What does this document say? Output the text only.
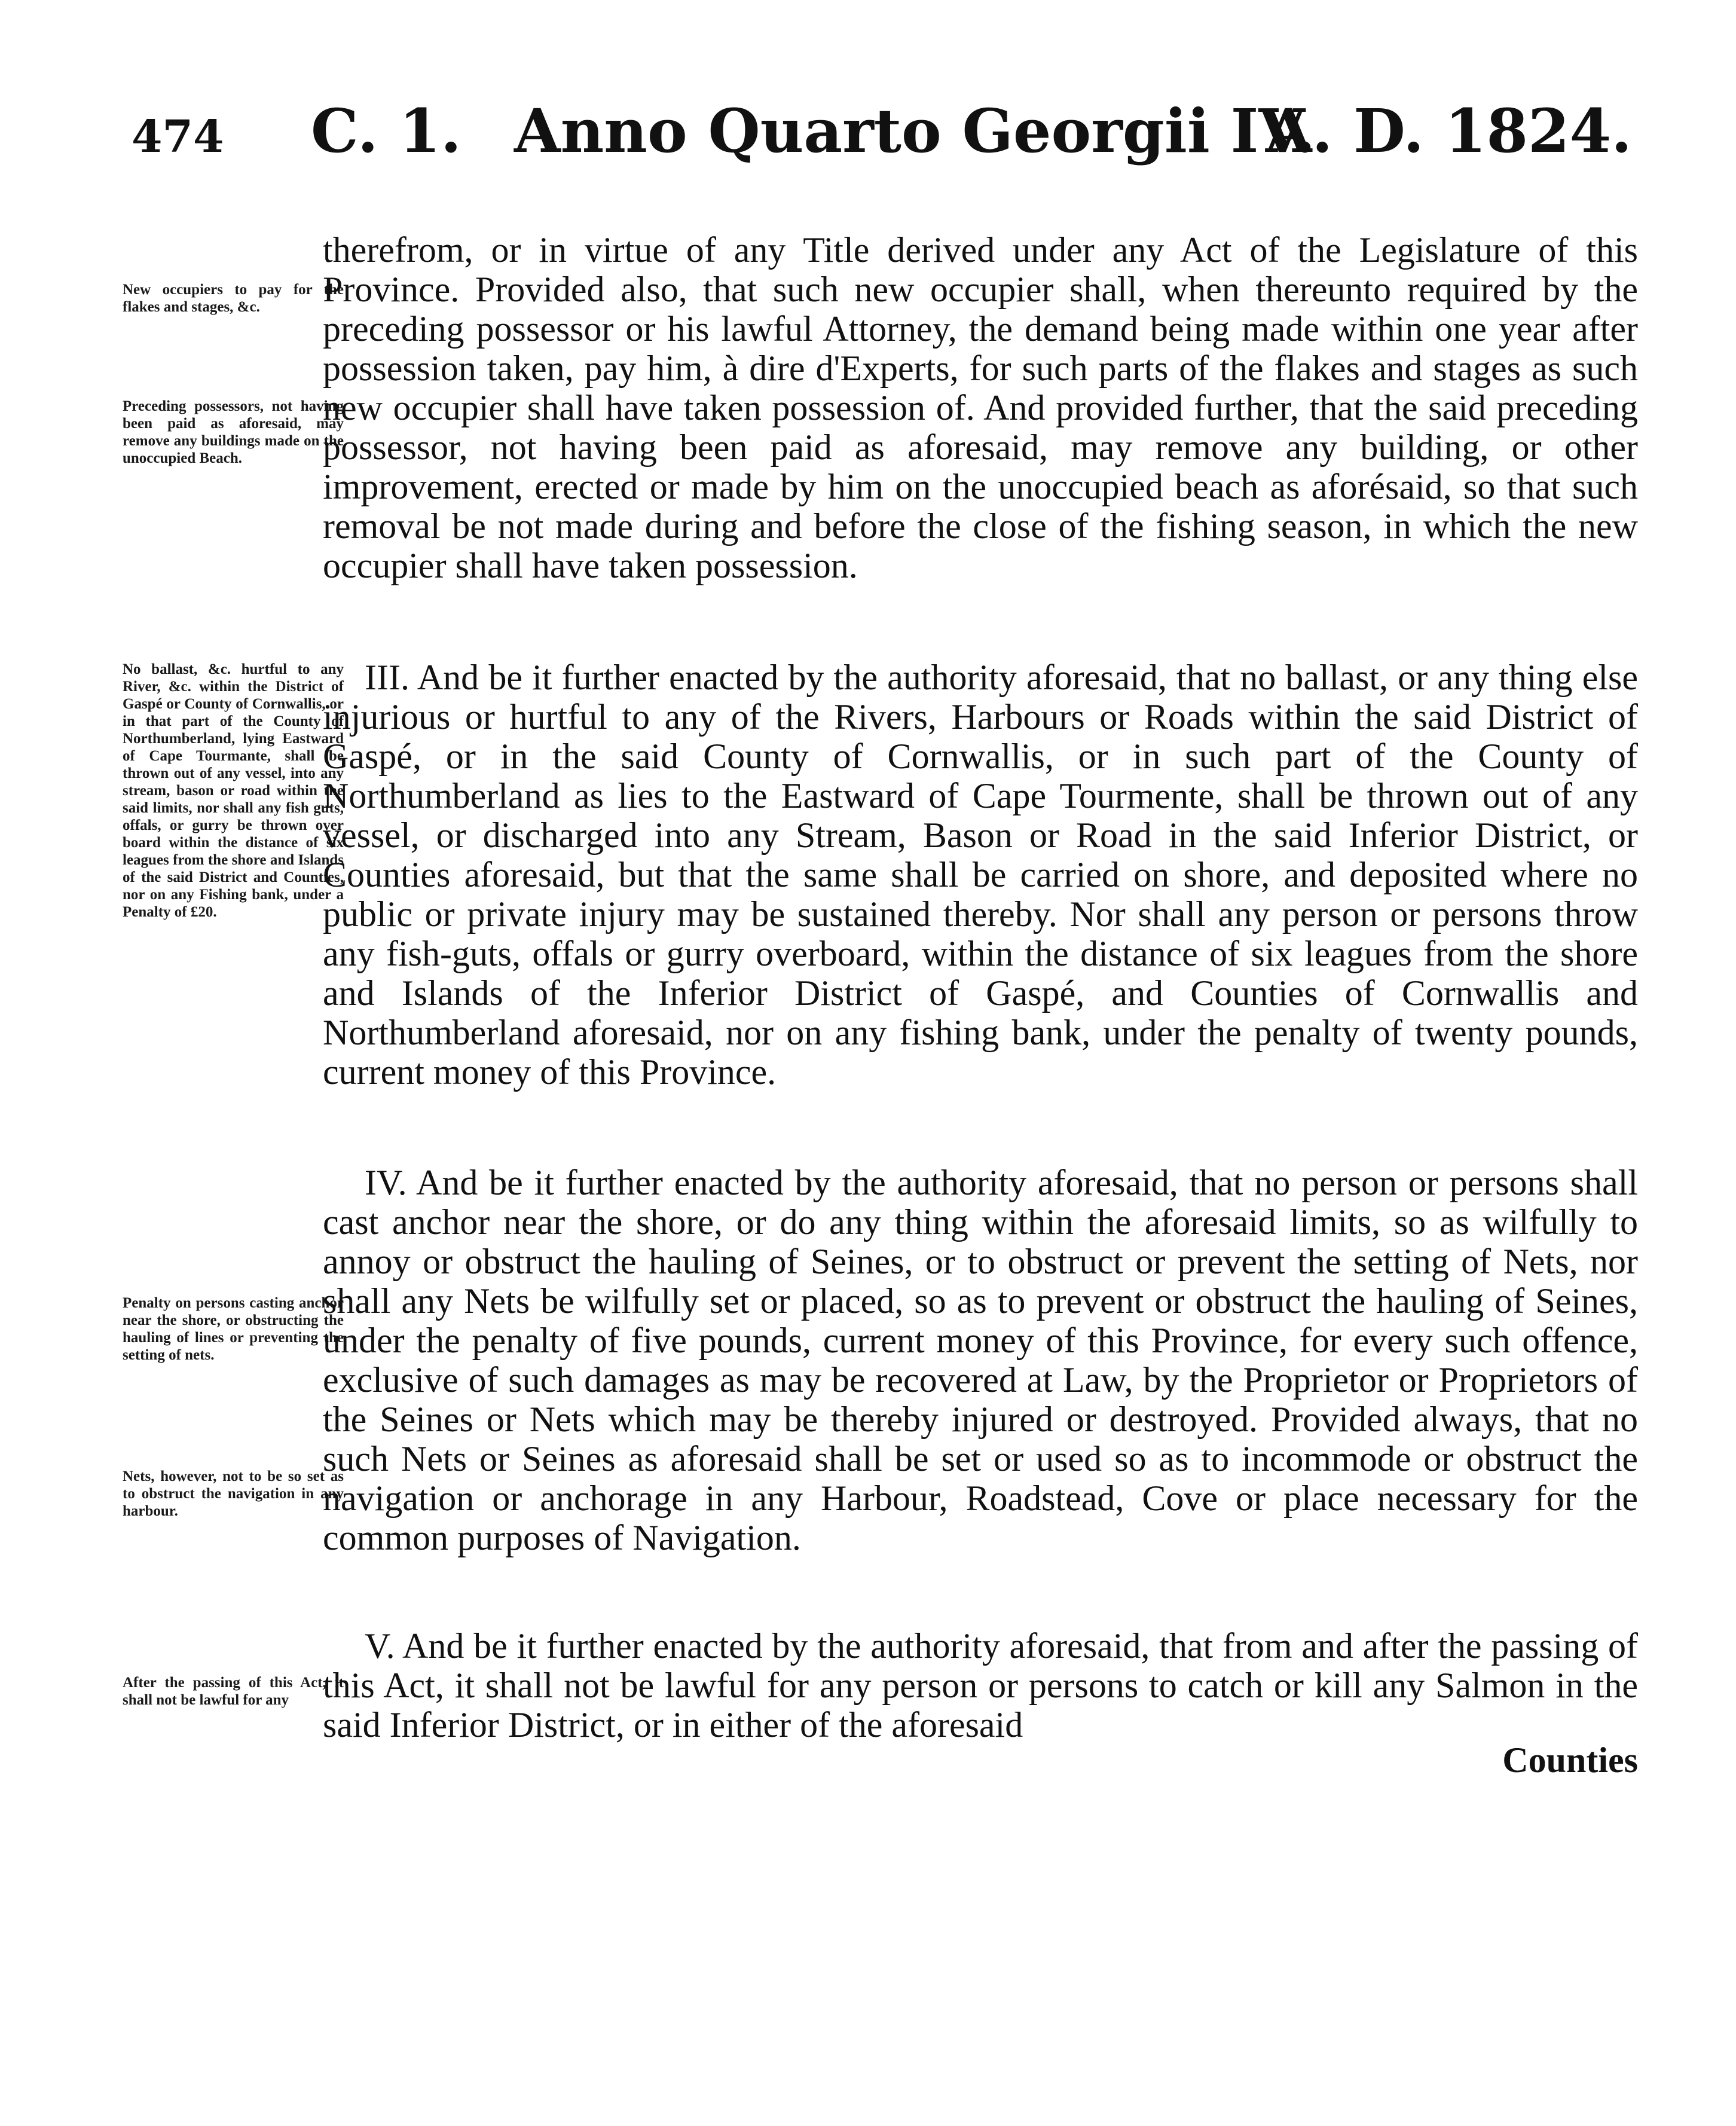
474 C. 1. Anno Quarto Georgii IV.
A. D. 1824.

New occupiers to pay for the flakes and stages, &c.

Preceding possessors, not having been paid as aforesaid, may remove any buildings made on the unoccupied Beach.

No ballast, &c. hurtful to any River, &c. within the District of Gaspé or County of Cornwallis, or in that part of the County of Northumberland, lying Eastward of Cape Tourmante, shall be thrown out of any vessel, into any stream, bason or road within the said limits, nor shall any fish guts, offals, or gurry be thrown over board within the distance of six leagues from the shore and Islands of the said District and Counties, nor on any Fishing bank, under a Penalty of £20.

Penalty on persons casting anchor near the shore, or obstructing the hauling of lines or preventing the setting of nets.

Nets, however, not to be so set as to obstruct the navigation in any harbour.

After the passing of this Act, it shall not be lawful for any

therefrom, or in virtue of any Title derived under any Act of the Legislature of this Province. Provided also, that such new occupier shall, when thereunto required by the preceding possessor or his lawful Attorney, the demand being made within one year after possession taken, pay him, à dire d'Experts, for such parts of the flakes and stages as such new occupier shall have taken possession of. And provided further, that the said preceding possessor, not having been paid as aforesaid, may remove any building, or other improvement, erected or made by him on the unoccupied beach as aforésaid, so that such removal be not made during and before the close of the fishing season, in which the new occupier shall have taken possession.

III. And be it further enacted by the authority aforesaid, that no ballast, or any thing else injurious or hurtful to any of the Rivers, Harbours or Roads within the said District of Gaspé, or in the said County of Cornwallis, or in such part of the County of Northumberland as lies to the Eastward of Cape Tourmente, shall be thrown out of any vessel, or discharged into any Stream, Bason or Road in the said Inferior District, or Counties aforesaid, but that the same shall be carried on shore, and deposited where no public or private injury may be sustained thereby. Nor shall any person or persons throw any fish-guts, offals or gurry overboard, within the distance of six leagues from the shore and Islands of the Inferior District of Gaspé, and Counties of Cornwallis and Northumberland aforesaid, nor on any fishing bank, under the penalty of twenty pounds, current money of this Province.

IV. And be it further enacted by the authority aforesaid, that no person or persons shall cast anchor near the shore, or do any thing within the aforesaid limits, so as wilfully to annoy or obstruct the hauling of Seines, or to obstruct or prevent the setting of Nets, nor shall any Nets be wilfully set or placed, so as to prevent or obstruct the hauling of Seines, under the penalty of five pounds, current money of this Province, for every such offence, exclusive of such damages as may be recovered at Law, by the Proprietor or Proprietors of the Seines or Nets which may be thereby injured or destroyed. Provided always, that no such Nets or Seines as aforesaid shall be set or used so as to incommode or obstruct the navigation or anchorage in any Harbour, Roadstead, Cove or place necessary for the common purposes of Navigation.

V. And be it further enacted by the authority aforesaid, that from and after the passing of this Act, it shall not be lawful for any person or persons to catch or kill any Salmon in the said Inferior District, or in either of the aforesaid

Counties
